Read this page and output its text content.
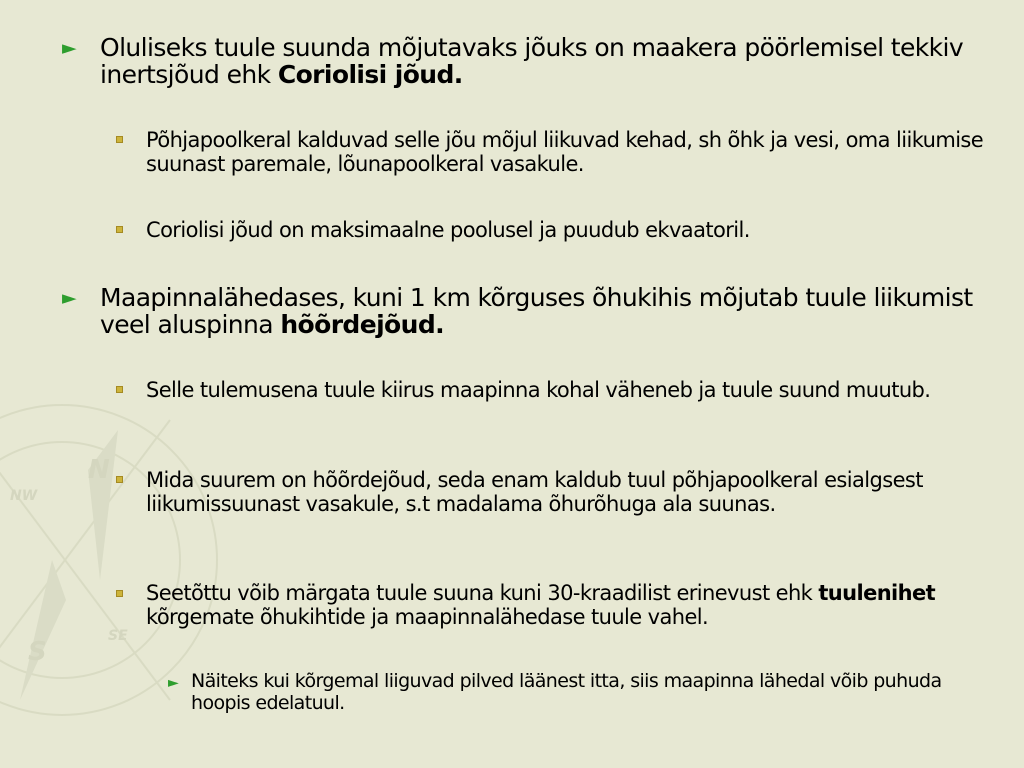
N
NW
S
SE
► Oluliseks tuule suunda mõjutavaks jõuks on maakera pöörlemisel tekkiv inertsjõud ehk Coriolisi jõud.
Põhjapoolkeral kalduvad selle jõu mõjul liikuvad kehad, sh õhk ja vesi, oma liikumise suunast paremale, lõunapoolkeral vasakule.
Coriolisi jõud on maksimaalne poolusel ja puudub ekvaatoril.
► Maapinnalähedases, kuni 1 km kõrguses õhukihis mõjutab tuule liikumist veel aluspinna hõõrdejõud.
Selle tulemusena tuule kiirus maapinna kohal väheneb ja tuule suund muutub.
Mida suurem on hõõrdejõud, seda enam kaldub tuul põhjapoolkeral esialgsest liikumissuunast vasakule, s.t madalama õhurõhuga ala suunas.
Seetõttu võib märgata tuule suuna kuni 30-kraadilist erinevust ehk tuulenihet kõrgemate õhukihtide ja maapinnalähedase tuule vahel.
► Näiteks kui kõrgemal liiguvad pilved läänest itta, siis maapinna lähedal võib puhuda hoopis edelatuul.
